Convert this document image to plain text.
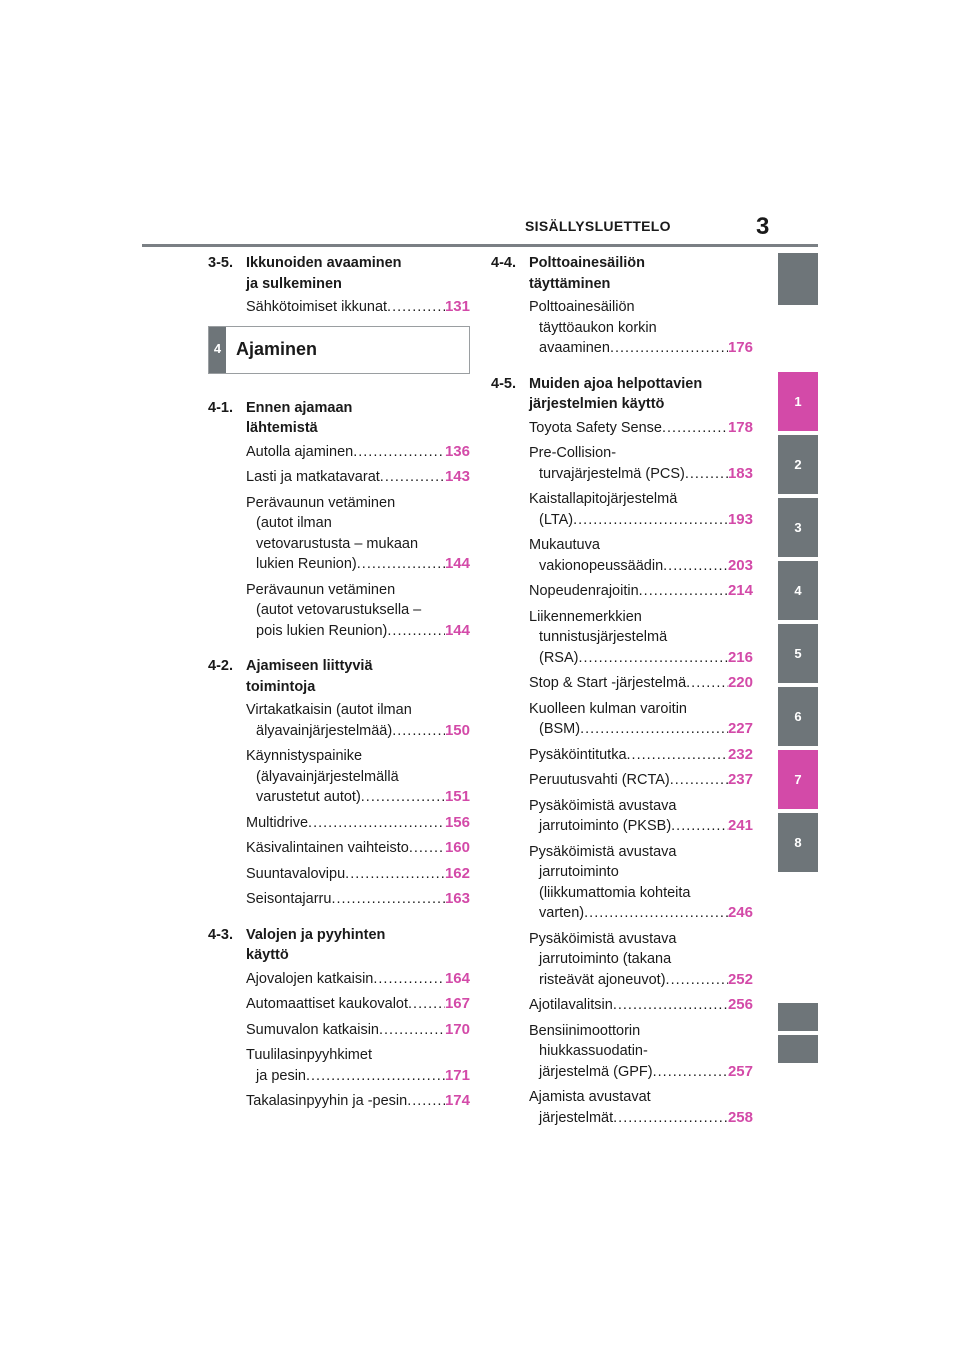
SISÄLLYSLUETTELO	3
1
2
3
4
5
6
7
8
3-5. Ikkunoiden avaaminen
ja sulkeminen
Sähkötoimiset ikkunat .....	131
4 Ajaminen
4-1. Ennen ajamaan
lähtemistä
Autolla ajaminen .....	136
Lasti ja matkatavarat .....	143
Perävaunun vetäminen
(autot ilman
vetovarustusta – mukaan
lukien Reunion) .....	144
Perävaunun vetäminen
(autot vetovarustuksella –
pois lukien Reunion) .....	144
4-2. Ajamiseen liittyviä
toimintoja
Virtakatkaisin (autot ilman
älyavainjärjestelmää) .....	150
Käynnistyspainike
(älyavainjärjestelmällä
varustetut autot) .....	151
Multidrive .....	156
Käsivalintainen vaihteisto ..... 160
Suuntavalovipu .....	162
Seisontajarru .....	163
4-3. Valojen ja pyyhinten
käyttö
Ajovalojen katkaisin .....	164
Automaattiset kaukovalot ..... 167
Sumuvalon katkaisin .....	170
Tuulilasinpyyhkimet
ja pesin .....	171
Takalasinpyyhin ja -pesin .....	174
4-4. Polttoainesäiliön
täyttäminen
Polttoainesäiliön
täyttöaukon korkin
avaaminen .....	176
4-5. Muiden ajoa helpottavien
järjestelmien käyttö
Toyota Safety Sense .....	178
Pre-Collision-
turvajärjestelmä (PCS) .....	183
Kaistallapitojärjestelmä
(LTA) .....	193
Mukautuva
vakionopeussäädin .....	203
Nopeudenrajoitin .....	214
Liikennemerkkien
tunnistusjärjestelmä
(RSA) .....	216
Stop & Start -järjestelmä .....	220
Kuolleen kulman varoitin
(BSM) .....	227
Pysäköintitutka .....	232
Peruutusvahti (RCTA) .....	237
Pysäköimistä avustava
jarrutoiminto (PKSB) .....	241
Pysäköimistä avustava
jarrutoiminto
(liikkumattomia kohteita
varten) .....	246
Pysäköimistä avustava
jarrutoiminto (takana
risteävät ajoneuvot) .....	252
Ajotilavalitsin .....	256
Bensiinimoottorin
hiukkassuodatin-
järjestelmä (GPF) .....	257
Ajamista avustavat
järjestelmät .....	258
